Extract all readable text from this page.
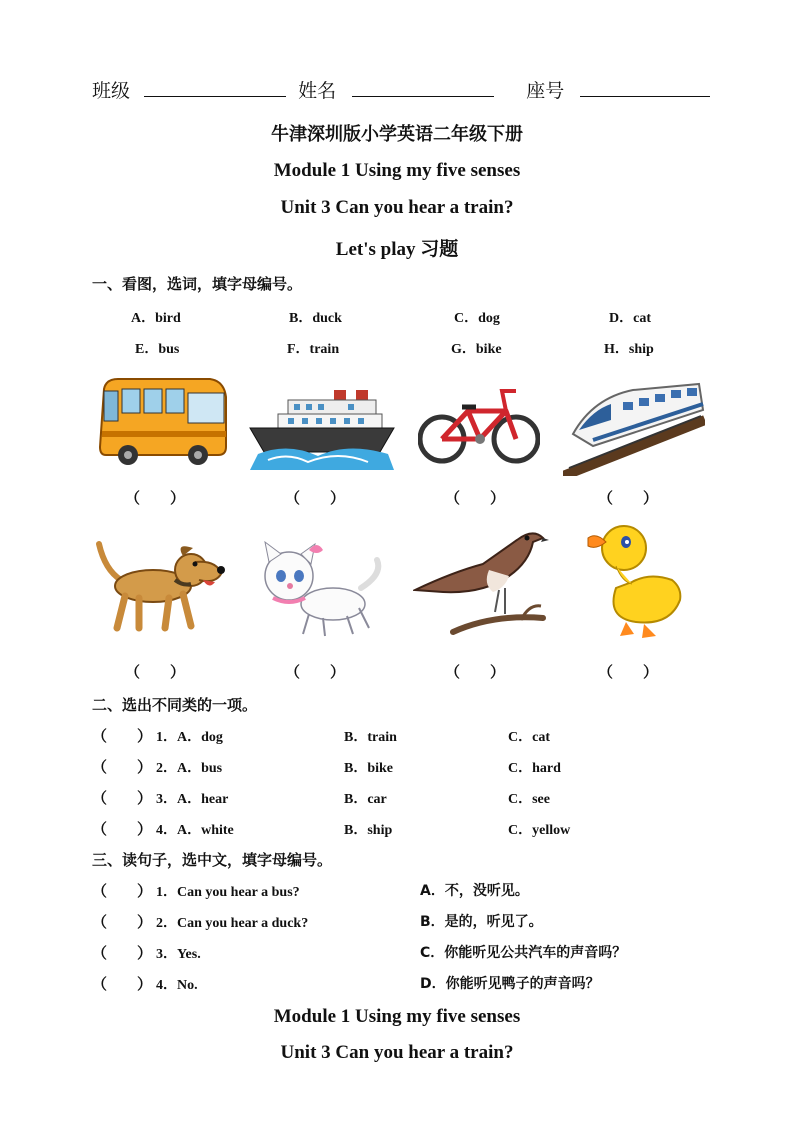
班级	姓名	座号
牛津深圳版小学英语二年级下册
Module 1 Using my five senses
Unit 3 Can you hear a train?
Let's play 习题
一、看图，选词，填字母编号。
A．bird	B．duck	C．dog	D．cat
E．bus	F．train	G．bike	H．ship
（　　）	（　　）	（　　）	（　　）
（　　）	（　　）	（　　）	（　　）
二、选出不同类的一项。
（　　） 1．A．dog	B．train	C．cat
（　　） 2．A．bus	B．bike	C．hard
（　　） 3．A．hear	B．car	C．see
（　　） 4．A．white	B．ship	C．yellow
三、读句子，选中文，填字母编号。
（　　） 1．Can you hear a bus?	A．不，没听见。
（　　） 2．Can you hear a duck?	B．是的，听见了。
（　　） 3．Yes.	C．你能听见公共汽车的声音吗？
（　　） 4．No.	D．你能听见鸭子的声音吗？
Module 1 Using my five senses
Unit 3 Can you hear a train?
